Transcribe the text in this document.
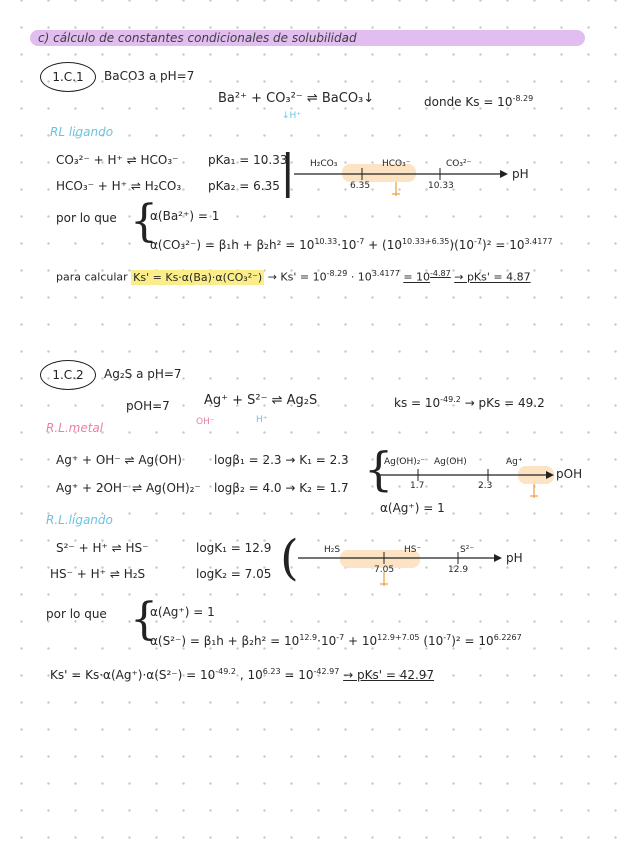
c) cálculo de constantes condicionales de solubilidad
1.C.1 BaCO3 a pH=7
Ba²⁺ + CO₃²⁻ ⇌ BaCO₃↓	donde $Ks = 10^{-8.29}$
↓H⁺
RL ligando
CO₃²⁻ + H⁺ ⇌ HCO₃⁻ pKa₁ = 10.33
HCO₃⁻ + H⁺ ⇌ H₂CO₃ pKa₂ = 6.35 | H₂CO₃	HCO₃⁻	CO₃²⁻
6.35	10.33
pH
por lo que {
α(Ba²⁺) = 1
$\alpha(CO_3^{2-}) = \beta_1h + \beta_2h^2 = 10^{10.33}\cdot 10^{-7} + (10^{10.33+6.35})(10^{-7})^2 = 10^{3.4177}$
para calcular $Ks' = Ks\cdot\alpha(Ba)\cdot\alpha(CO_3^{2-}) \to Ks' = 10^{-8.29} \cdot 10^{3.4177} = 10^{-4.87} \to pKs' = 4.87$
1.C.2 Ag₂S a pH=7
pOH=7	Ag⁺ + S²⁻ ⇌ Ag₂S
OH⁻	H⁺
ks = $10^{-49.2}$ → pKs = 49.2
R.L.metal
Ag⁺ + OH⁻ ⇌ Ag(OH)	logβ₁ = 2.3 → K₁ = 2.3
Ag⁺ + 2OH⁻ ⇌ Ag(OH)₂⁻ logβ₂ = 4.0 → K₂ = 1.7 {
Ag(OH)₂⁻ Ag(OH)	Ag⁺
1.7	2.3
pOH
α(Ag⁺) = 1
R.L.ligando
S²⁻ + H⁺ ⇌ HS⁻	logK₁ = 12.9
HS⁻ + H⁺ ⇌ H₂S	logK₂ = 7.05 (	H₂S	HS⁻	S²⁻
7.05	12.9
pH
por lo que {
α(Ag⁺) = 1
$\alpha(S^{2-}) = \beta_1h + \beta_2h^2 = 10^{12.9}\cdot 10^{-7} + 10^{12.9+7.05}$ $(10^{-7})^2 = 10^{6.2267}$
$Ks' = Ks\cdot\alpha(Ag^+)\cdot\alpha(S^{2-}) = 10^{-49.2}$ , $10^{6.23} = 10^{-42.97} \to pKs' = 42.97$
